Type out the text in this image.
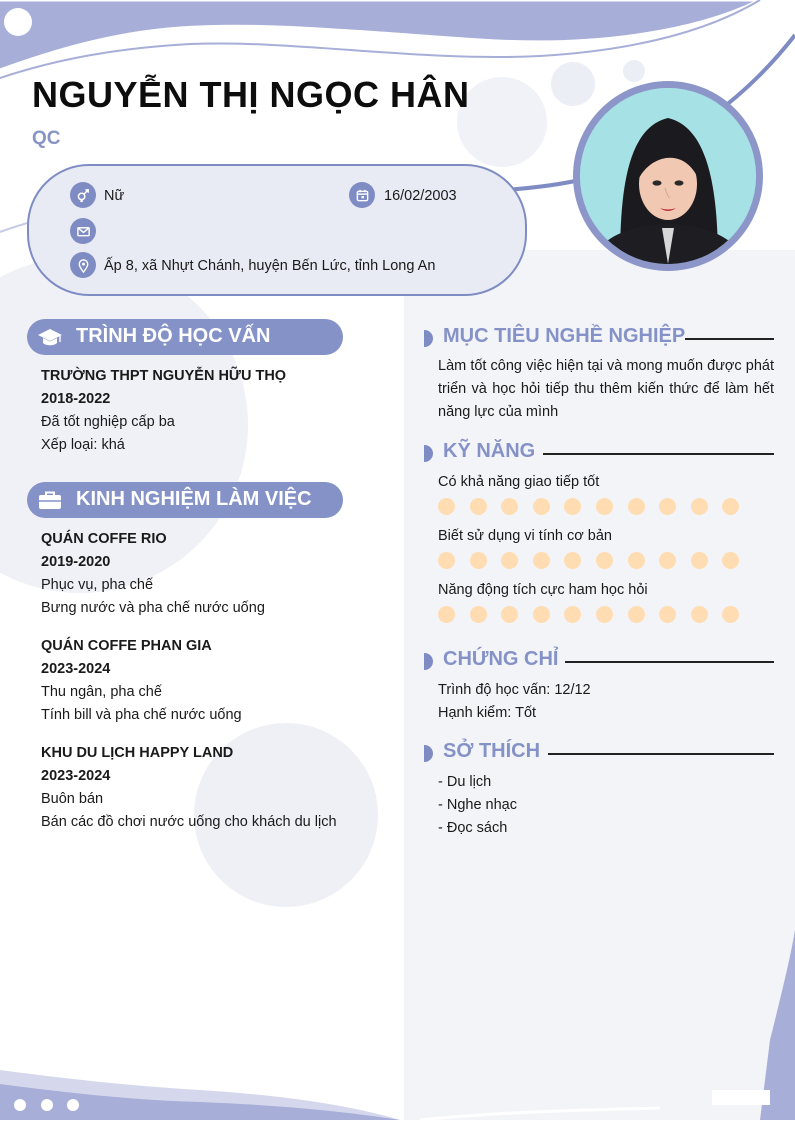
NGUYỄN THỊ NGỌC HÂN
QC
Nữ	16/02/2003
Ấp 8, xã Nhựt Chánh, huyện Bến Lức, tỉnh Long An
TRÌNH ĐỘ HỌC VẤN
TRƯỜNG THPT NGUYỄN HỮU THỌ
2018-2022
Đã tốt nghiệp cấp ba
Xếp loại: khá
KINH NGHIỆM LÀM VIỆC
QUÁN COFFE RIO
2019-2020
Phục vụ, pha chế
Bưng nước và pha chế nước uống
QUÁN COFFE PHAN GIA
2023-2024
Thu ngân, pha chế
Tính bill và pha chế nước uống
KHU DU LỊCH HAPPY LAND
2023-2024
Buôn bán
Bán các đồ chơi nước uống cho khách du lịch
MỤC TIÊU NGHỀ NGHIỆP
Làm tốt công việc hiện tại và mong muốn được phát triển và học hỏi tiếp thu thêm kiến thức để làm hết năng lực của mình
KỸ NĂNG
Có khả năng giao tiếp tốt
Biết sử dụng vi tính cơ bản
Năng động tích cực ham học hỏi
CHỨNG CHỈ
Trình độ học vấn: 12/12
Hạnh kiểm: Tốt
SỞ THÍCH
- Du lịch
- Nghe nhạc
- Đọc sách
